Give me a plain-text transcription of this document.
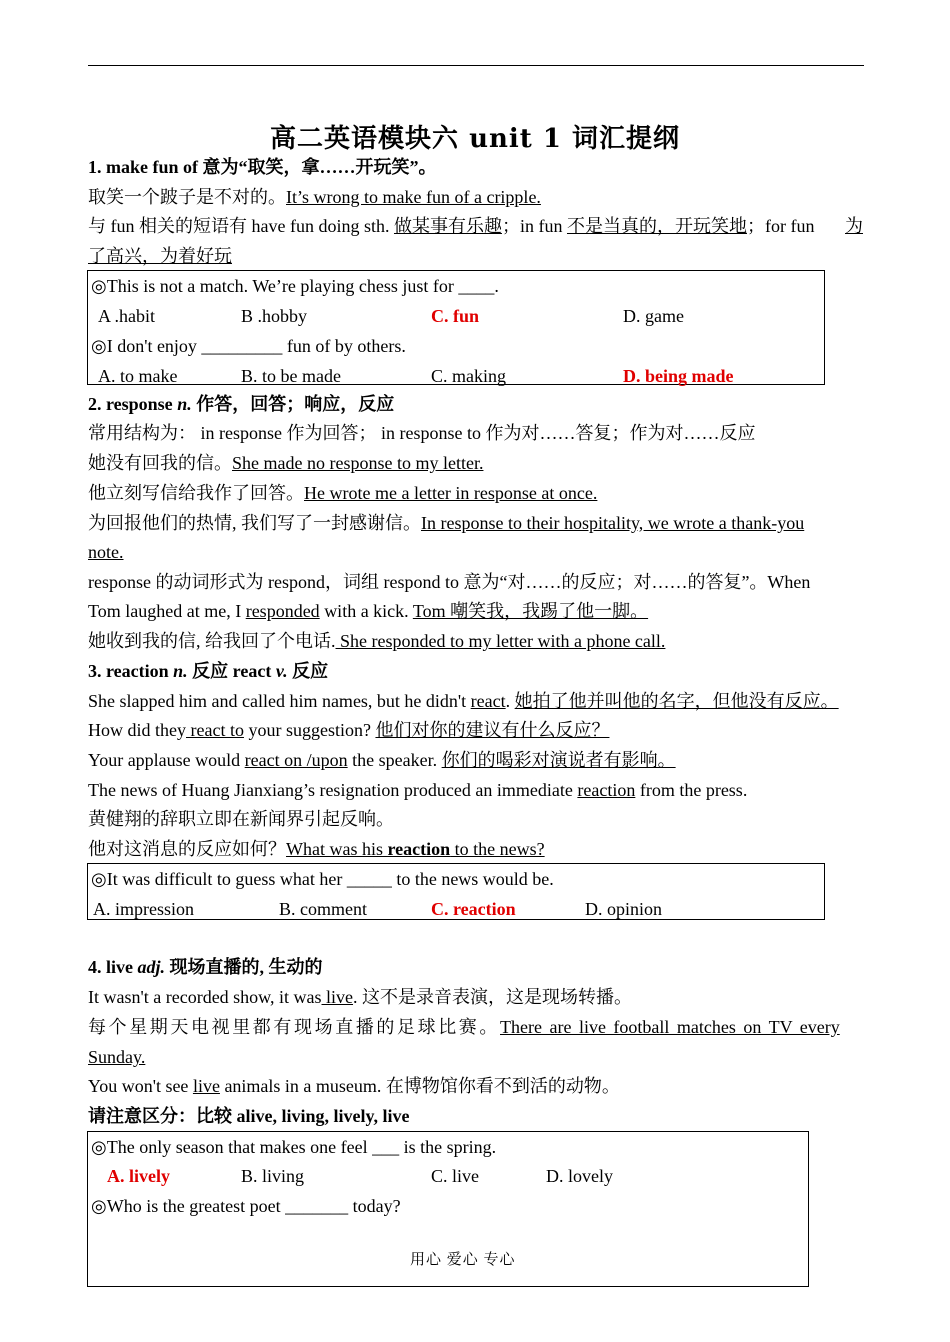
高二英语模块六 unit 1 词汇提纲
1. make fun of 意为“取笑，拿……开玩笑”。
取笑一个跛子是不对的。It’s wrong to make fun of a cripple.
与 fun 相关的短语有 have fun doing sth. 做某事有乐趣；in fun 不是当真的，开玩笑地；for fun 为
了高兴，为着好玩
◎This is not a match. We’re playing chess just for ____.
A .habit	B .hobby	C. fun	D. game
◎I don't enjoy _________ fun of by others.
A. to make	B. to be made	C. making	D. being made
2. response n. 作答，回答；响应，反应
常用结构为： in response 作为回答； in response to 作为对……答复；作为对……反应
她没有回我的信。She made no response to my letter.
他立刻写信给我作了回答。He wrote me a letter in response at once.
为回报他们的热情, 我们写了一封感谢信。In response to their hospitality, we wrote a thank-you
note.
response 的动词形式为 respond，词组 respond to 意为“对……的反应；对……的答复”。When
Tom laughed at me, I responded with a kick. Tom 嘲笑我，我踢了他一脚。
她收到我的信, 给我回了个电话. She responded to my letter with a phone call.
3. reaction n. 反应 react v. 反应
She slapped him and called him names, but he didn't react. 她拍了他并叫他的名字，但他没有反应。
How did they react to your suggestion? 他们对你的建议有什么反应？
Your applause would react on /upon the speaker. 你们的喝彩对演说者有影响。
The news of Huang Jianxiang’s resignation produced an immediate reaction from the press.
黄健翔的辞职立即在新闻界引起反响。
他对这消息的反应如何？What was his reaction to the news?
◎It was difficult to guess what her _____ to the news would be.
A. impression	B. comment	C. reaction	D. opinion
4. live adj. 现场直播的, 生动的
It wasn't a recorded show, it was live. 这不是录音表演，这是现场转播。
每个星期天电视里都有现场直播的足球比赛。There are live football matches on TV every
Sunday.
You won't see live animals in a museum. 在博物馆你看不到活的动物。
请注意区分：比较 alive, living, lively, live
◎The only season that makes one feel ___ is the spring.
A. lively	B. living	C. live	D. lovely
◎Who is the greatest poet _______ today?
用心 爱心 专心
